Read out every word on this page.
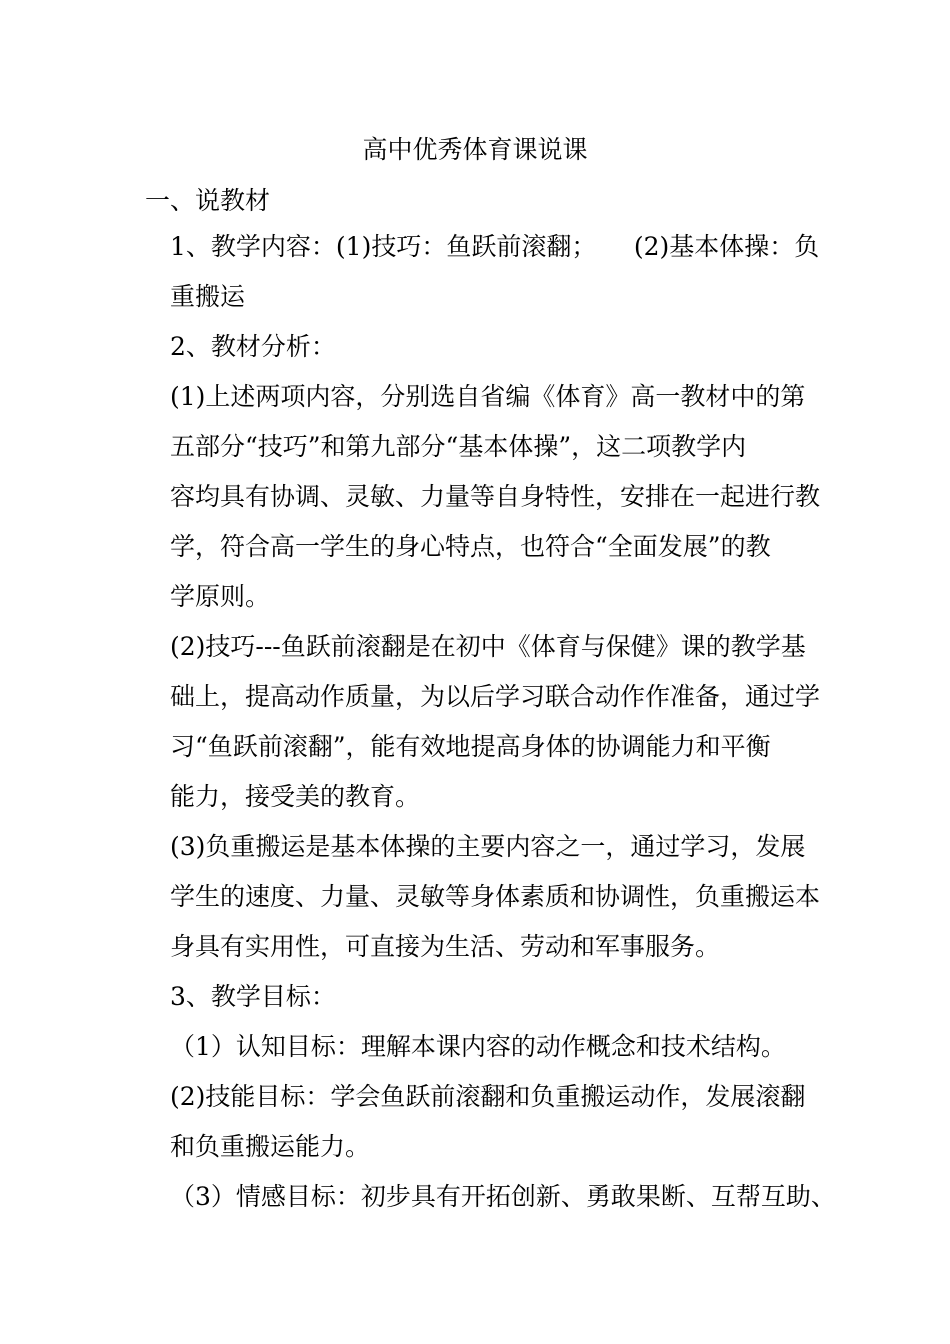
高中优秀体育课说课
一、说教材
1、教学内容：(1)技巧：鱼跃前滚翻；　　(2)基本体操：负
重搬运
2、教材分析：
(1)上述两项内容，分别选自省编《体育》高一教材中的第
五部分“技巧”和第九部分“基本体操”，这二项教学内
容均具有协调、灵敏、力量等自身特性，安排在一起进行教
学，符合高一学生的身心特点，也符合“全面发展”的教
学原则。
(2)技巧---鱼跃前滚翻是在初中《体育与保健》课的教学基
础上，提高动作质量，为以后学习联合动作作准备，通过学
习“鱼跃前滚翻”，能有效地提高身体的协调能力和平衡
能力，接受美的教育。
(3)负重搬运是基本体操的主要内容之一，通过学习，发展
学生的速度、力量、灵敏等身体素质和协调性，负重搬运本
身具有实用性，可直接为生活、劳动和军事服务。
3、教学目标：
（1）认知目标：理解本课内容的动作概念和技术结构。
(2)技能目标：学会鱼跃前滚翻和负重搬运动作，发展滚翻
和负重搬运能力。
（3）情感目标：初步具有开拓创新、勇敢果断、互帮互助、
